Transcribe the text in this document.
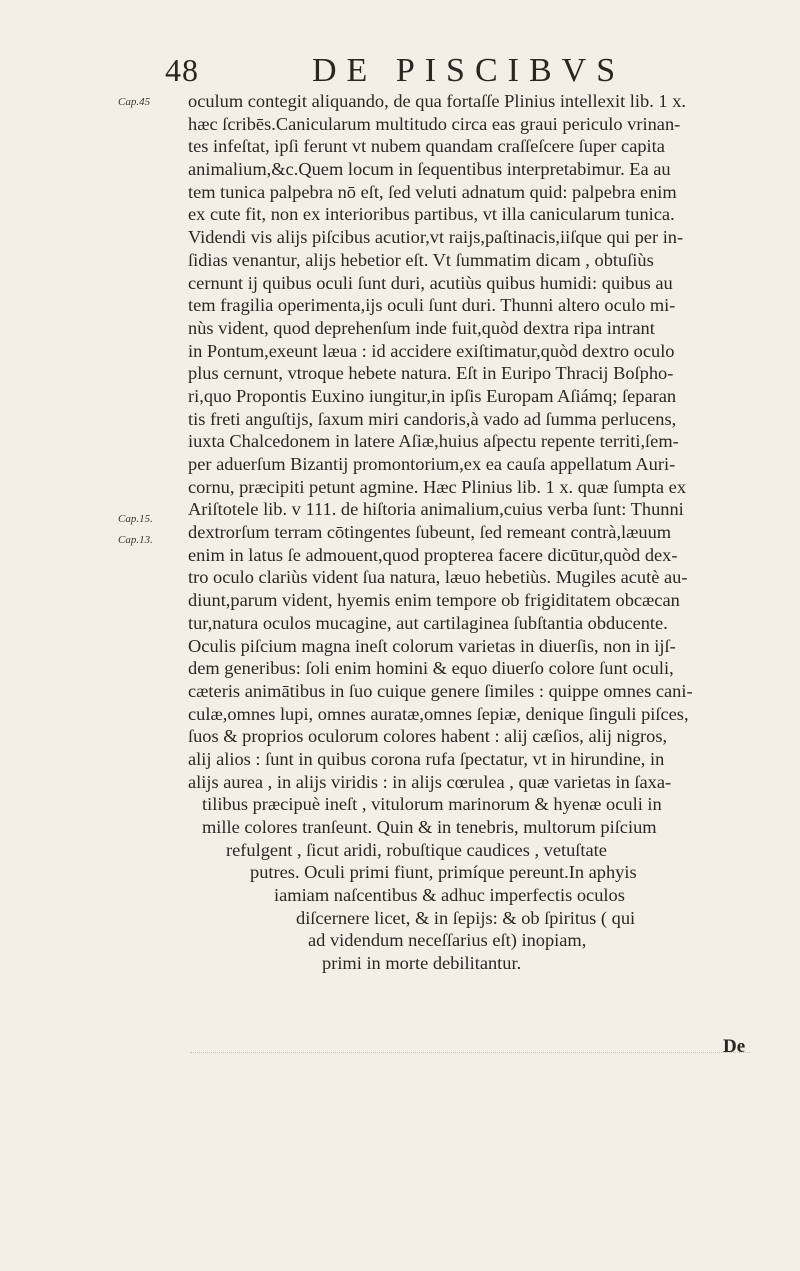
48	DE PISCIBVS
Cap.45
Cap.15.
Cap.13.
oculum contegit aliquando, de qua fortaſſe Plinius intellexit lib. 1 x.
hæc ſcribēs.Canicularum multitudo circa eas graui periculo vrinan-
tes infeſtat, ipſi ferunt vt nubem quandam craſſeſcere ſuper capita
animalium,&c.Quem locum in ſequentibus interpretabimur. Ea au
tem tunica palpebra nō eſt, ſed veluti adnatum quid: palpebra enim
ex cute fit, non ex interioribus partibus, vt illa canicularum tunica.
Videndi vis alijs piſcibus acutior,vt raijs,paſtinacis,iiſque qui per in-
ſidias venantur, alijs hebetior eſt. Vt ſummatim dicam , obtuſiùs
cernunt ij quibus oculi ſunt duri, acutiùs quibus humidi: quibus au
tem fragilia operimenta,ijs oculi ſunt duri. Thunni altero oculo mi-
nùs vident, quod deprehenſum inde fuit,quòd dextra ripa intrant
in Pontum,exeunt læua : id accidere exiſtimatur,quòd dextro oculo
plus cernunt, vtroque hebete natura. Eſt in Euripo Thracij Boſpho-
ri,quo Propontis Euxino iungitur,in ipſis Europam Aſiámq; ſeparan
tis freti anguſtijs, ſaxum miri candoris,à vado ad ſumma perlucens,
iuxta Chalcedonem in latere Aſiæ,huius aſpectu repente territi,ſem-
per aduerſum Bizantij promontorium,ex ea cauſa appellatum Auri-
cornu, præcipiti petunt agmine. Hæc Plinius lib. 1 x. quæ ſumpta ex
Ariſtotele lib. v 111. de hiſtoria animalium,cuius verba ſunt: Thunni
dextrorſum terram cōtingentes ſubeunt, ſed remeant contrà,læuum
enim in latus ſe admouent,quod propterea facere dicūtur,quòd dex-
tro oculo clariùs vident ſua natura, læuo hebetiùs. Mugiles acutè au-
diunt,parum vident, hyemis enim tempore ob frigiditatem obcæcan
tur,natura oculos mucagine, aut cartilaginea ſubſtantia obducente.
Oculis piſcium magna ineſt colorum varietas in diuerſis, non in ijſ-
dem generibus: ſoli enim homini & equo diuerſo colore ſunt oculi,
cæteris animātibus in ſuo cuique genere ſimiles : quippe omnes cani-
culæ,omnes lupi, omnes auratæ,omnes ſepiæ, denique ſinguli piſces,
ſuos & proprios oculorum colores habent : alij cæſios, alij nigros,
alij alios : ſunt in quibus corona rufa ſpectatur, vt in hirundine, in
alijs aurea , in alijs viridis : in alijs cœrulea , quæ varietas in ſaxa-
tilibus præcipuè ineſt , vitulorum marinorum & hyenæ oculi in
mille colores tranſeunt. Quin & in tenebris, multorum piſcium
refulgent , ſicut aridi, robuſtique caudices , vetuſtate
putres. Oculi primi fiunt, primíque pereunt.In aphyis
iamiam naſcentibus & adhuc imperfectis oculos
diſcernere licet, & in ſepijs: & ob ſpiritus ( qui
ad videndum neceſſarius eſt) inopiam,
primi in morte debilitantur.
De
